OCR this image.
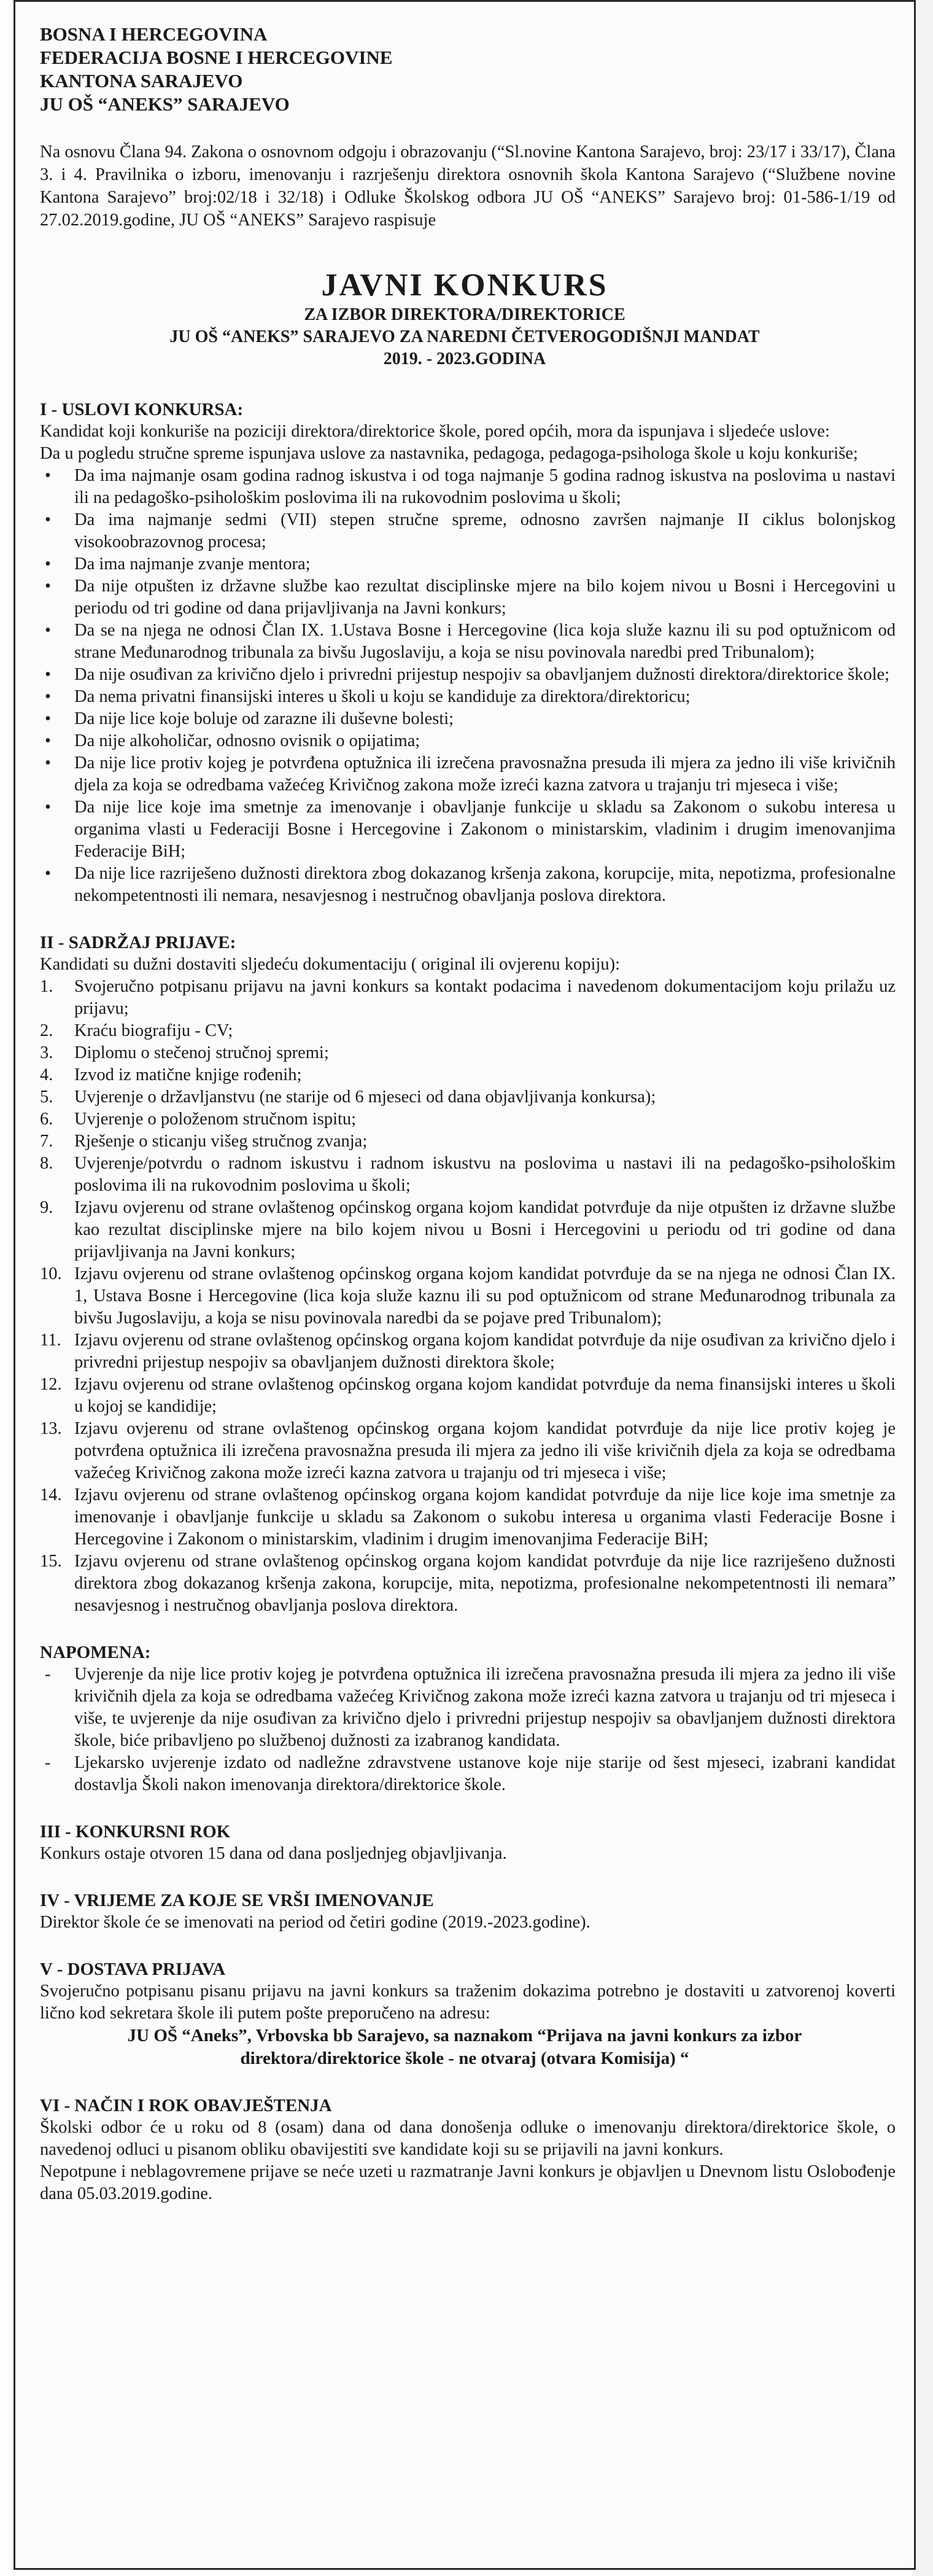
BOSNA I HERCEGOVINA
FEDERACIJA BOSNE I HERCEGOVINE
KANTONA SARAJEVO
JU OŠ “ANEKS” SARAJEVO

Na osnovu Člana 94. Zakona o osnovnom odgoju i obrazovanju (“Sl.novine Kantona Sarajevo, broj: 23/17 i 33/17), Člana 3. i 4. Pravilnika o izboru, imenovanju i razrješenju direktora osnovnih škola Kantona Sarajevo (“Službene novine Kantona Sarajevo” broj:02/18 i 32/18) i Odluke Školskog odbora JU OŠ “ANEKS” Sarajevo broj: 01-586-1/19 od 27.02.2019.godine, JU OŠ “ANEKS” Sarajevo raspisuje

JAVNI KONKURS
ZA IZBOR DIREKTORA/DIREKTORICE
JU OŠ “ANEKS” SARAJEVO ZA NAREDNI ČETVEROGODIŠNJI MANDAT
2019. - 2023.GODINA
I - USLOVI KONKURSA:

Kandidat koji konkuriše na poziciji direktora/direktorice škole, pored općih, mora da ispunjava i sljedeće uslove:

Da u pogledu stručne spreme ispunjava uslove za nastavnika, pedagoga, pedagoga-psihologa škole u koju konkuriše;

• Da ima najmanje osam godina radnog iskustva i od toga najmanje 5 godina radnog iskustva na poslovima u nastavi ili na pedagoško-psihološkim poslovima ili na rukovodnim poslovima u školi;
• Da ima najmanje sedmi (VII) stepen stručne spreme, odnosno završen najmanje II ciklus bolonjskog visokoobrazovnog procesa;
• Da ima najmanje zvanje mentora;
• Da nije otpušten iz državne službe kao rezultat disciplinske mjere na bilo kojem nivou u Bosni i Hercegovini u periodu od tri godine od dana prijavljivanja na Javni konkurs;
• Da se na njega ne odnosi Član IX. 1.Ustava Bosne i Hercegovine (lica koja služe kaznu ili su pod optužnicom od strane Međunarodnog tribunala za bivšu Jugoslaviju, a koja se nisu povinovala naredbi pred Tribunalom);
• Da nije osuđivan za krivično djelo i privredni prijestup nespojiv sa obavljanjem dužnosti direktora/direktorice škole;
• Da nema privatni finansijski interes u školi u koju se kandiduje za direktora/direktoricu;
• Da nije lice koje boluje od zarazne ili duševne bolesti;
• Da nije alkoholičar, odnosno ovisnik o opijatima;
• Da nije lice protiv kojeg je potvrđena optužnica ili izrečena pravosnažna presuda ili mjera za jedno ili više krivičnih djela za koja se odredbama važećeg Krivičnog zakona može izreći kazna zatvora u trajanju tri mjeseca i više;
• Da nije lice koje ima smetnje za imenovanje i obavljanje funkcije u skladu sa Zakonom o sukobu interesa u organima vlasti u Federaciji Bosne i Hercegovine i Zakonom o ministarskim, vladinim i drugim imenovanjima Federacije BiH;
• Da nije lice razriješeno dužnosti direktora zbog dokazanog kršenja zakona, korupcije, mita, nepotizma, profesionalne nekompetentnosti ili nemara, nesavjesnog i nestručnog obavljanja poslova direktora.
II - SADRŽAJ PRIJAVE:

Kandidati su dužni dostaviti sljedeću dokumentaciju ( original ili ovjerenu kopiju):

1. Svojeručno potpisanu prijavu na javni konkurs sa kontakt podacima i navedenom dokumentacijom koju prilažu uz prijavu;
2. Kraću biografiju - CV;
3. Diplomu o stečenoj stručnoj spremi;
4. Izvod iz matične knjige rođenih;
5. Uvjerenje o državljanstvu (ne starije od 6 mjeseci od dana objavljivanja konkursa);
6. Uvjerenje o položenom stručnom ispitu;
7. Rješenje o sticanju višeg stručnog zvanja;
8. Uvjerenje/potvrdu o radnom iskustvu i radnom iskustvu na poslovima u nastavi ili na pedagoško-psihološkim poslovima ili na rukovodnim poslovima u školi;
9. Izjavu ovjerenu od strane ovlaštenog općinskog organa kojom kandidat potvrđuje da nije otpušten iz državne službe kao rezultat disciplinske mjere na bilo kojem nivou u Bosni i Hercegovini u periodu od tri godine od dana prijavljivanja na Javni konkurs;
10. Izjavu ovjerenu od strane ovlaštenog općinskog organa kojom kandidat potvrđuje da se na njega ne odnosi Član IX. 1, Ustava Bosne i Hercegovine (lica koja služe kaznu ili su pod optužnicom od strane Međunarodnog tribunala za bivšu Jugoslaviju, a koja se nisu povinovala naredbi da se pojave pred Tribunalom);
11. Izjavu ovjerenu od strane ovlaštenog općinskog organa kojom kandidat potvrđuje da nije osuđivan za krivično djelo i privredni prijestup nespojiv sa obavljanjem dužnosti direktora škole;
12. Izjavu ovjerenu od strane ovlaštenog općinskog organa kojom kandidat potvrđuje da nema finansijski interes u školi u kojoj se kandidije;
13. Izjavu ovjerenu od strane ovlaštenog općinskog organa kojom kandidat potvrđuje da nije lice protiv kojeg je potvrđena optužnica ili izrečena pravosnažna presuda ili mjera za jedno ili više krivičnih djela za koja se odredbama važećeg Krivičnog zakona može izreći kazna zatvora u trajanju od tri mjeseca i više;
14. Izjavu ovjerenu od strane ovlaštenog općinskog organa kojom kandidat potvrđuje da nije lice koje ima smetnje za imenovanje i obavljanje funkcije u skladu sa Zakonom o sukobu interesa u organima vlasti Federacije Bosne i Hercegovine i Zakonom o ministarskim, vladinim i drugim imenovanjima Federacije BiH;
15. Izjavu ovjerenu od strane ovlaštenog općinskog organa kojom kandidat potvrđuje da nije lice razriješeno dužnosti direktora zbog dokazanog kršenja zakona, korupcije, mita, nepotizma, profesionalne nekompetentnosti ili nemara” nesavjesnog i nestručnog obavljanja poslova direktora.
NAPOMENA:
- Uvjerenje da nije lice protiv kojeg je potvrđena optužnica ili izrečena pravosnažna presuda ili mjera za jedno ili više krivičnih djela za koja se odredbama važećeg Krivičnog zakona može izreći kazna zatvora u trajanju od tri mjeseca i više, te uvjerenje da nije osuđivan za krivično djelo i privredni prijestup nespojiv sa obavljanjem dužnosti direktora škole, biće pribavljeno po službenoj dužnosti za izabranog kandidata.
- Ljekarsko uvjerenje izdato od nadležne zdravstvene ustanove koje nije starije od šest mjeseci, izabrani kandidat dostavlja Školi nakon imenovanja direktora/direktorice škole.
III - KONKURSNI ROK

Konkurs ostaje otvoren 15 dana od dana posljednjeg objavljivanja.

IV - VRIJEME ZA KOJE SE VRŠI IMENOVANJE

Direktor škole će se imenovati na period od četiri godine (2019.-2023.godine).

V - DOSTAVA PRIJAVA

Svojeručno potpisanu pisanu prijavu na javni konkurs sa traženim dokazima potrebno je dostaviti u zatvorenoj koverti lično kod sekretara škole ili putem pošte preporučeno na adresu:

JU OŠ “Aneks”, Vrbovska bb Sarajevo, sa naznakom “Prijava na javni konkurs za izbor direktora/direktorice škole - ne otvaraj (otvara Komisija) “
VI - NAČIN I ROK OBAVJEŠTENJA

Školski odbor će u roku od 8 (osam) dana od dana donošenja odluke o imenovanju direktora/direktorice škole, o navedenoj odluci u pisanom obliku obavijestiti sve kandidate koji su se prijavili na javni konkurs.

Nepotpune i neblagovremene prijave se neće uzeti u razmatranje Javni konkurs je objavljen u Dnevnom listu Oslobođenje dana 05.03.2019.godine.
